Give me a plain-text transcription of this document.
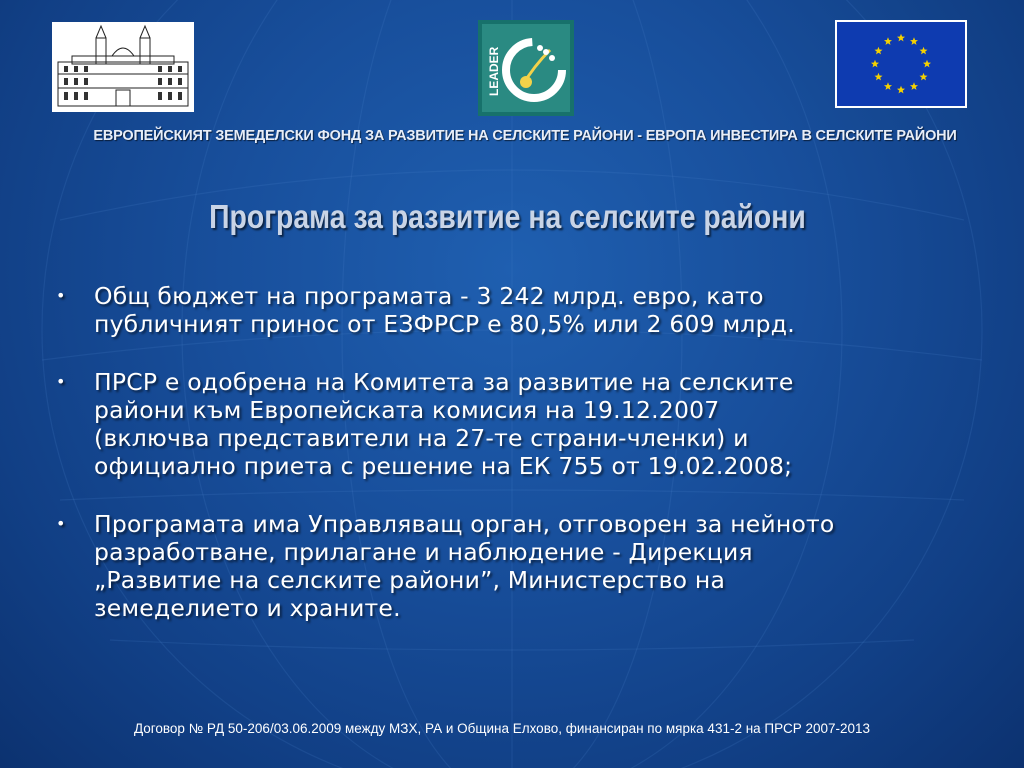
LEADER
ЕВРОПЕЙСКИЯТ ЗЕМЕДЕЛСКИ ФОНД ЗА РАЗВИТИЕ НА СЕЛСКИТЕ РАЙОНИ - ЕВРОПА ИНВЕСТИРА В СЕЛСКИТЕ РАЙОНИ
Програма за развитие на селските райони
• Общ бюджет на програмата - 3 242 млрд. евро, като
публичният принос от ЕЗФРСР е 80,5% или 2 609 млрд.
• ПРСР е одобрена на Комитета за развитие на селските
райони към Европейската комисия на 19.12.2007
(включва представители на 27-те страни-членки) и
официално приета с решение на ЕК 755 от 19.02.2008;
• Програмата има Управляващ орган, отговорен за нейното
разработване, прилагане и наблюдение - Дирекция
„Развитие на селските райони”, Министерство на
земеделието и храните.
Договор № РД 50-206/03.06.2009 между МЗХ, РА и Община Елхово, финансиран по мярка 431-2 на ПРСР 2007-2013
